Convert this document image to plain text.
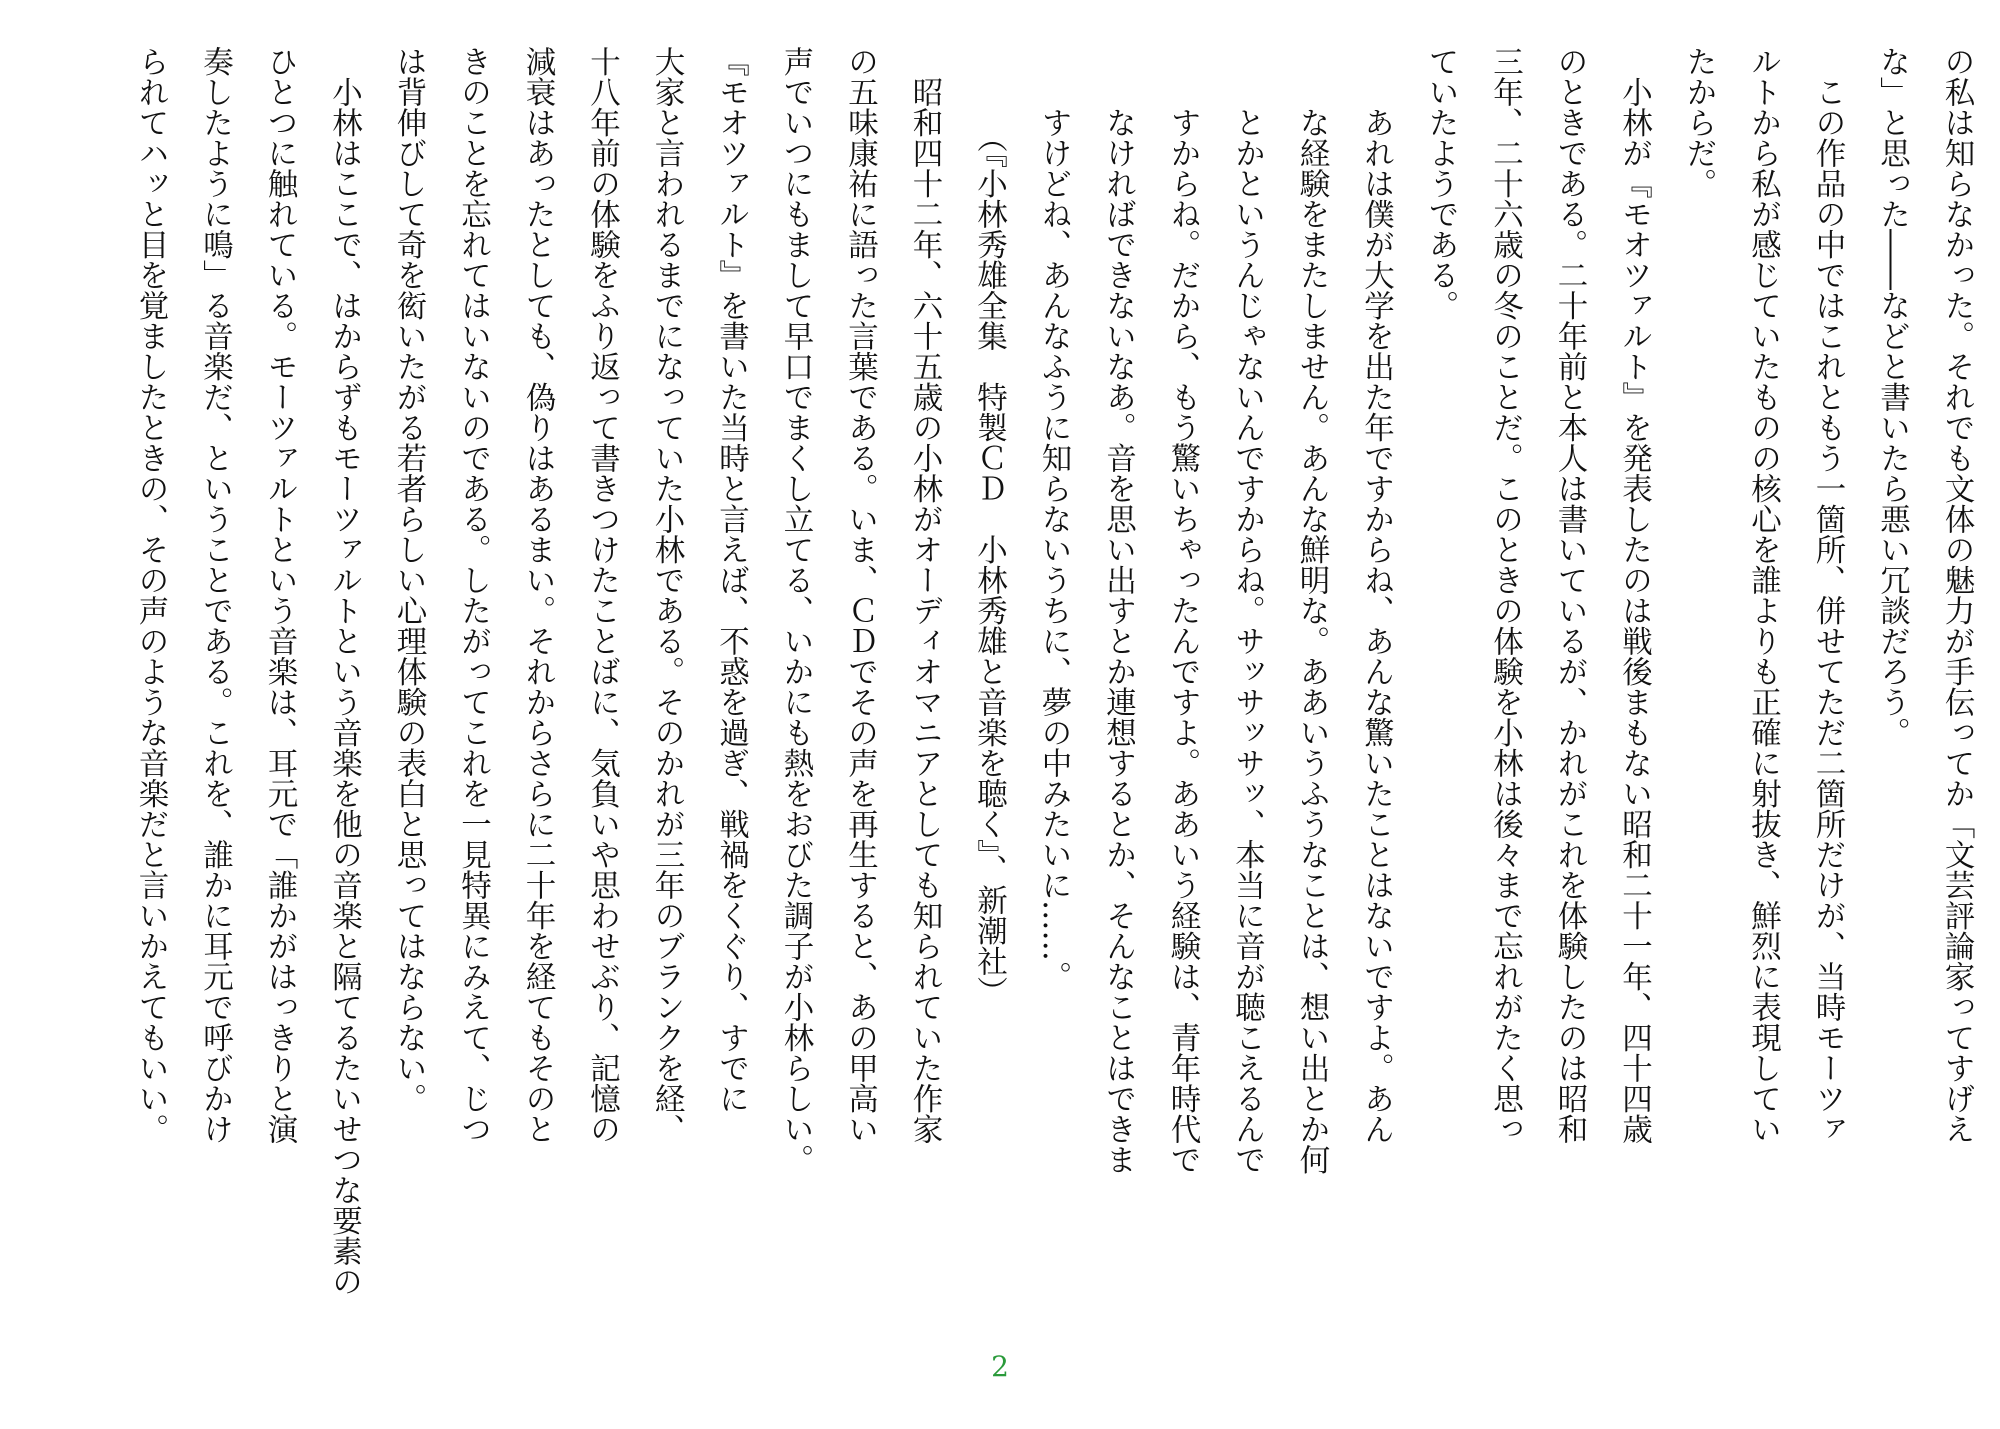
の私は知らなかった。それでも文体の魅力が手伝ってか「文芸評論家ってすげえ
な」と思った――などと書いたら悪い冗談だろう。
　この作品の中ではこれともう一箇所、併せてただ二箇所だけが、当時モーツァ
ルトから私が感じていたものの核心を誰よりも正確に射抜き、鮮烈に表現してい
たからだ。
　小林が『モオツァルト』を発表したのは戦後まもない昭和二十一年、四十四歳
のときである。二十年前と本人は書いているが、かれがこれを体験したのは昭和
三年、二十六歳の冬のことだ。このときの体験を小林は後々まで忘れがたく思っ
ていたようである。
あれは僕が大学を出た年ですからね、あんな驚いたことはないですよ。あん
な経験をまたしません。あんな鮮明な。ああいうふうなことは、想い出とか何
とかというんじゃないんですからね。サッサッサッ、本当に音が聴こえるんで
すからね。だから、もう驚いちゃったんですよ。ああいう経験は、青年時代で
なければできないなあ。音を思い出すとか連想するとか、そんなことはできま
すけどね、あんなふうに知らないうちに、夢の中みたいに……。
　（『小林秀雄全集　特製ＣＤ　小林秀雄と音楽を聴く』、新潮社）
　昭和四十二年、六十五歳の小林がオーディオマニアとしても知られていた作家
の五味康祐に語った言葉である。いま、ＣＤでその声を再生すると、あの甲高い
声でいつにもまして早口でまくし立てる、いかにも熱をおびた調子が小林らしい。
『モオツァルト』を書いた当時と言えば、不惑を過ぎ、戦禍をくぐり、すでに
大家と言われるまでになっていた小林である。そのかれが三年のブランクを経、
十八年前の体験をふり返って書きつけたことばに、気負いや思わせぶり、記憶の
減衰はあったとしても、偽りはあるまい。それからさらに二十年を経てもそのと
きのことを忘れてはいないのである。したがってこれを一見特異にみえて、じつ
は背伸びして奇を衒いたがる若者らしい心理体験の表白と思ってはならない。
　小林はここで、はからずもモーツァルトという音楽を他の音楽と隔てるたいせつな要素の
ひとつに触れている。モーツァルトという音楽は、耳元で「誰かがはっきりと演
奏したように鳴」る音楽だ、ということである。これを、誰かに耳元で呼びかけ
られてハッと目を覚ましたときの、その声のような音楽だと言いかえてもいい。
2
